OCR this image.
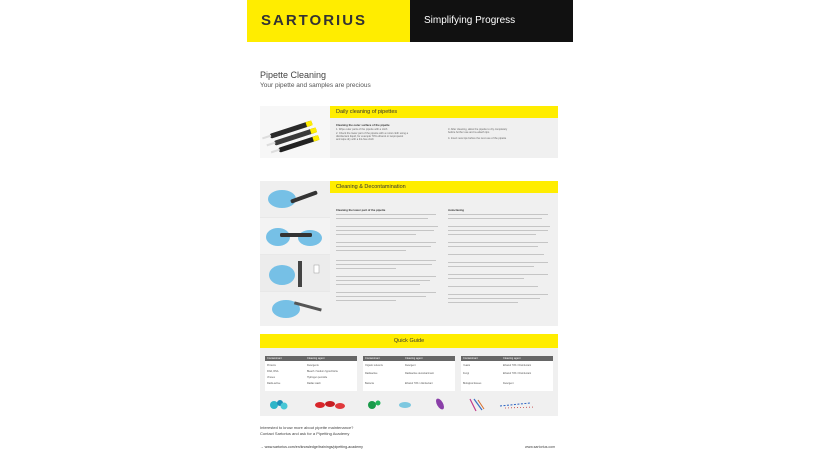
SARTORIUS	Simplifying Progress
Pipette Cleaning
Your pipette and samples are precious
Daily cleaning of pipettes
Cleaning the outer surface of the pipette
1. Wipe outer parts of the pipette with a cloth
2. Check the lower part of the pipette with a moist cloth using a
disinfectant liquid, for example 70% ethanol or isopropanol
and wipe dry with a lint-free cloth
3. After cleaning, allow the pipette to dry completely
before further use and re-attach tips
4. Insert new tips before the next use of the pipette
Cleaning & Decontamination
Cleaning the lower part of the pipette	Autoclaving
Quick Guide
Contaminant	Cleaning agent
Proteins	Detergents
DNA, RNA	Bleach / Sodium hypochlorite
Viruses	Hydrogen peroxide
Radio-active	Radiac wash
Contaminant	Cleaning agent
Organic solvents	Detergent
Radioactive	Radioactive decontaminant
Bacteria	Ethanol 70% / disinfectant
Contaminant	Cleaning agent
Yeasts	Ethanol 70% / Disinfectant
Fungi	Ethanol 70% / Disinfectant
Biological tissues	Detergent
Interested to know more about pipette maintenance?
Contact Sartorius and ask for a Pipetting Academy
→ www.sartorius.com/en/knowledge/trainings/pipetting-academy	www.sartorius.com
